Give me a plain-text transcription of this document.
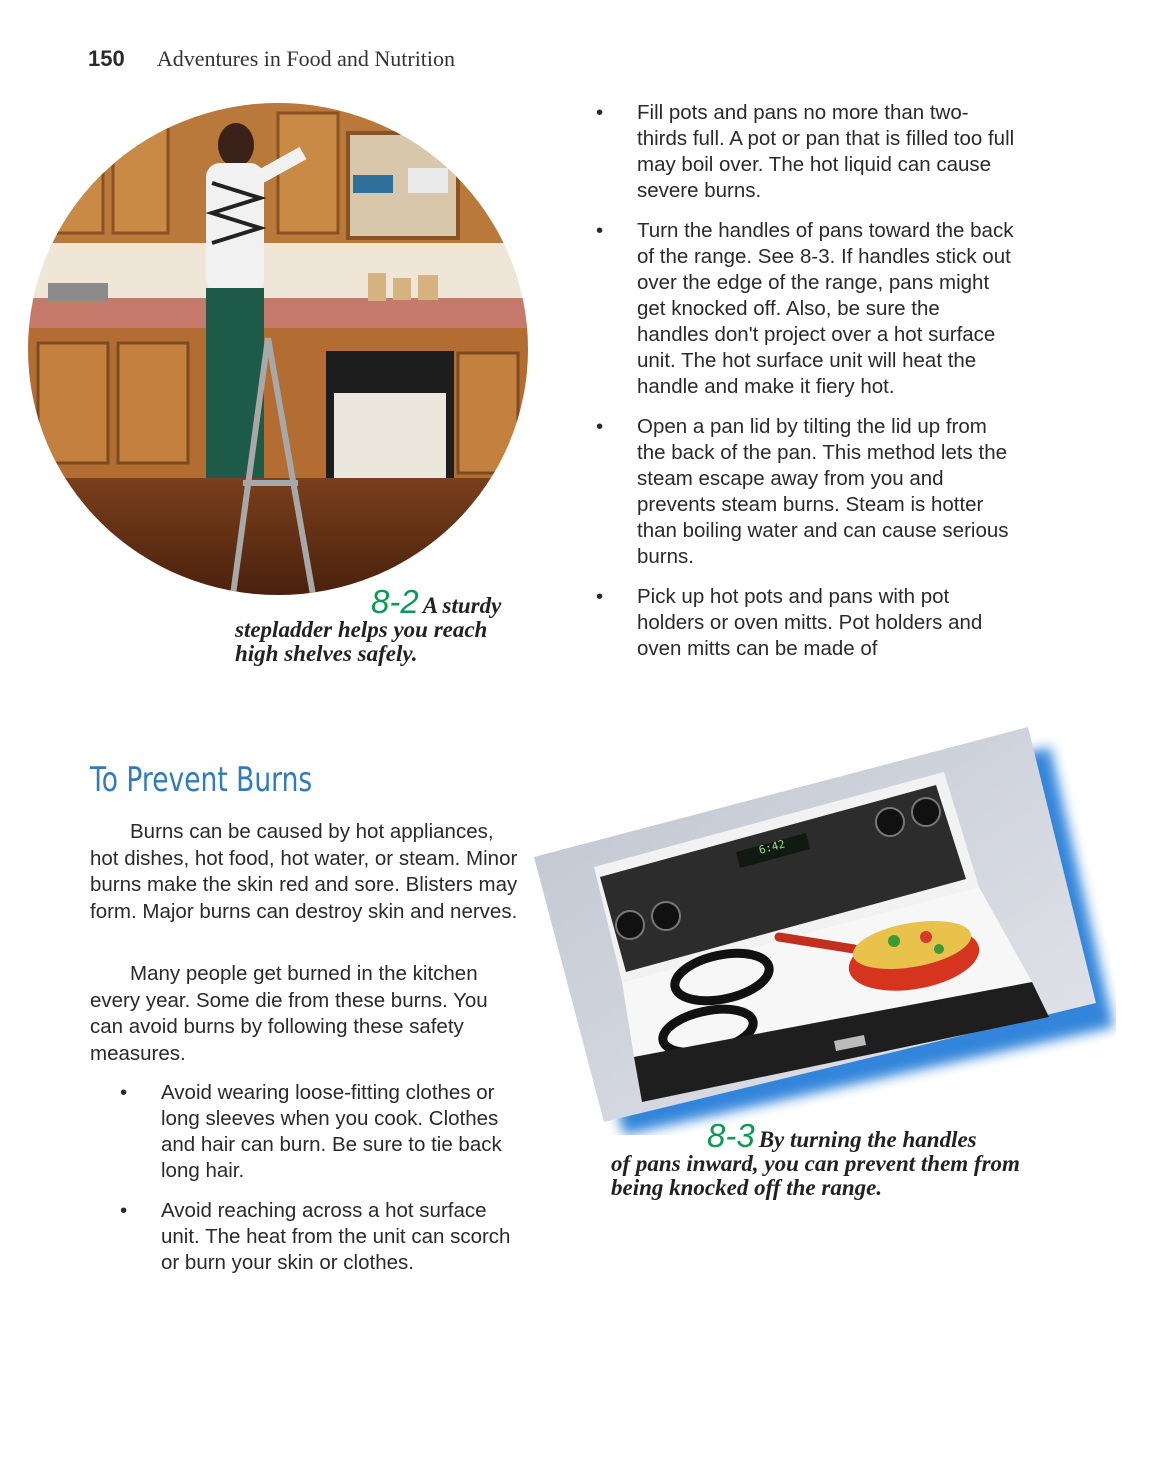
150 Adventures in Food and Nutrition
8-2 A sturdy
stepladder helps you reach high shelves safely.
• Fill pots and pans no more than two-thirds full. A pot or pan that is filled too full may boil over. The hot liquid can cause severe burns.
• Turn the handles of pans toward the back of the range. See 8-3. If handles stick out over the edge of the range, pans might get knocked off. Also, be sure the handles don't project over a hot surface unit. The hot surface unit will heat the handle and make it fiery hot.
• Open a pan lid by tilting the lid up from the back of the pan. This method lets the steam escape away from you and prevents steam burns. Steam is hotter than boiling water and can cause serious burns.
• Pick up hot pots and pans with pot holders or oven mitts. Pot holders and oven mitts can be made of
To Prevent Burns

Burns can be caused by hot appliances, hot dishes, hot food, hot water, or steam. Minor burns make the skin red and sore. Blisters may form. Major burns can destroy skin and nerves.

Many people get burned in the kitchen every year. Some die from these burns. You can avoid burns by following these safety measures.

• Avoid wearing loose-fitting clothes or long sleeves when you cook. Clothes and hair can burn. Be sure to tie back long hair.
• Avoid reaching across a hot surface unit. The heat from the unit can scorch or burn your skin or clothes.
6:42
8-3 By turning the handles
of pans inward, you can prevent them from being knocked off the range.
